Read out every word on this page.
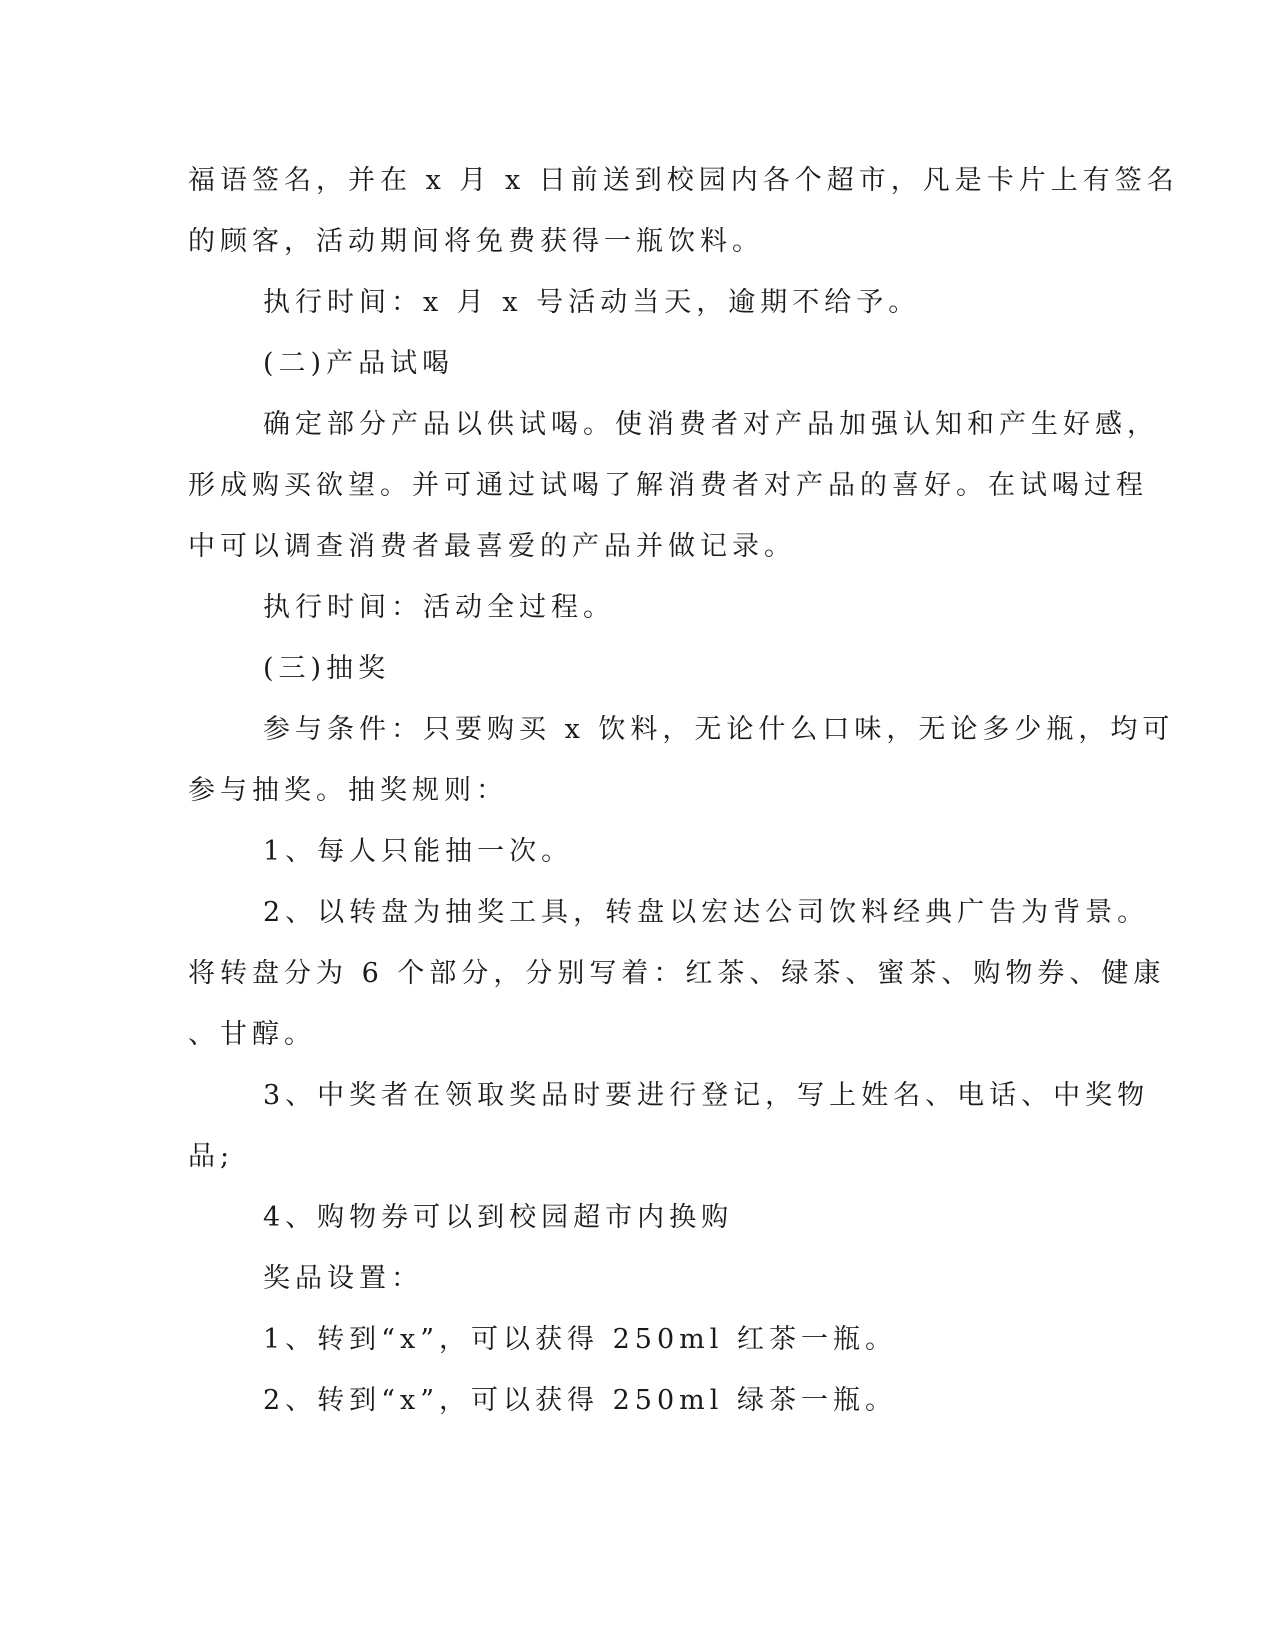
福语签名，并在 x 月 x 日前送到校园内各个超市，凡是卡片上有签名
的顾客，活动期间将免费获得一瓶饮料。
执行时间：x 月 x 号活动当天，逾期不给予。
(二)产品试喝
确定部分产品以供试喝。使消费者对产品加强认知和产生好感，
形成购买欲望。并可通过试喝了解消费者对产品的喜好。在试喝过程
中可以调查消费者最喜爱的产品并做记录。
执行时间：活动全过程。
(三)抽奖
参与条件：只要购买 x 饮料，无论什么口味，无论多少瓶，均可
参与抽奖。抽奖规则：
1、每人只能抽一次。
2、以转盘为抽奖工具，转盘以宏达公司饮料经典广告为背景。
将转盘分为 6 个部分，分别写着：红茶、绿茶、蜜茶、购物券、健康
、甘醇。
3、中奖者在领取奖品时要进行登记，写上姓名、电话、中奖物
品;
4、购物券可以到校园超市内换购
奖品设置：
1、转到“x”，可以获得 250ml 红茶一瓶。
2、转到“x”，可以获得 250ml 绿茶一瓶。
